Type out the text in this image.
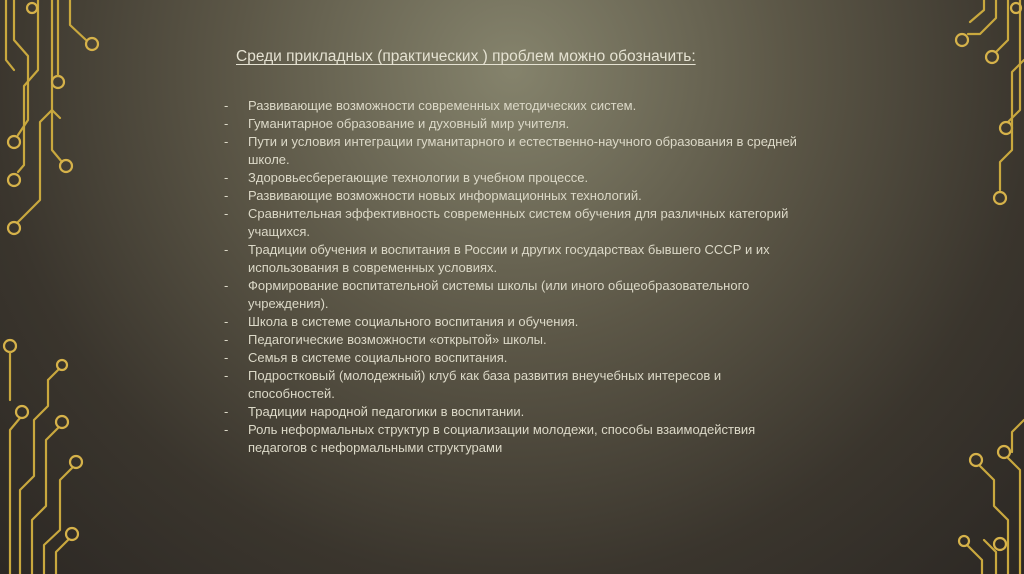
Среди прикладных (практических ) проблем можно обозначить:
- Развивающие возможности современных методических систем.
- Гуманитарное образование и духовный мир учителя.
- Пути и условия интеграции гуманитарного и естественно-научного образования в средней школе.
- Здоровьесберегающие технологии в учебном процессе.
- Развивающие возможности новых информационных технологий.
- Сравнительная эффективность современных систем обучения для различных категорий учащихся.
- Традиции обучения и воспитания в России и других государствах бывшего СССР и их использования в современных условиях.
- Формирование воспитательной системы школы (или иного общеобразовательного учреждения).
- Школа в системе социального воспитания и обучения.
- Педагогические возможности «открытой» школы.
- Семья в системе социального воспитания.
- Подростковый (молодежный) клуб как база развития внеучебных интересов и способностей.
- Традиции народной педагогики в воспитании.
- Роль неформальных структур в социализации молодежи, способы взаимодействия педагогов с неформальными структурами
